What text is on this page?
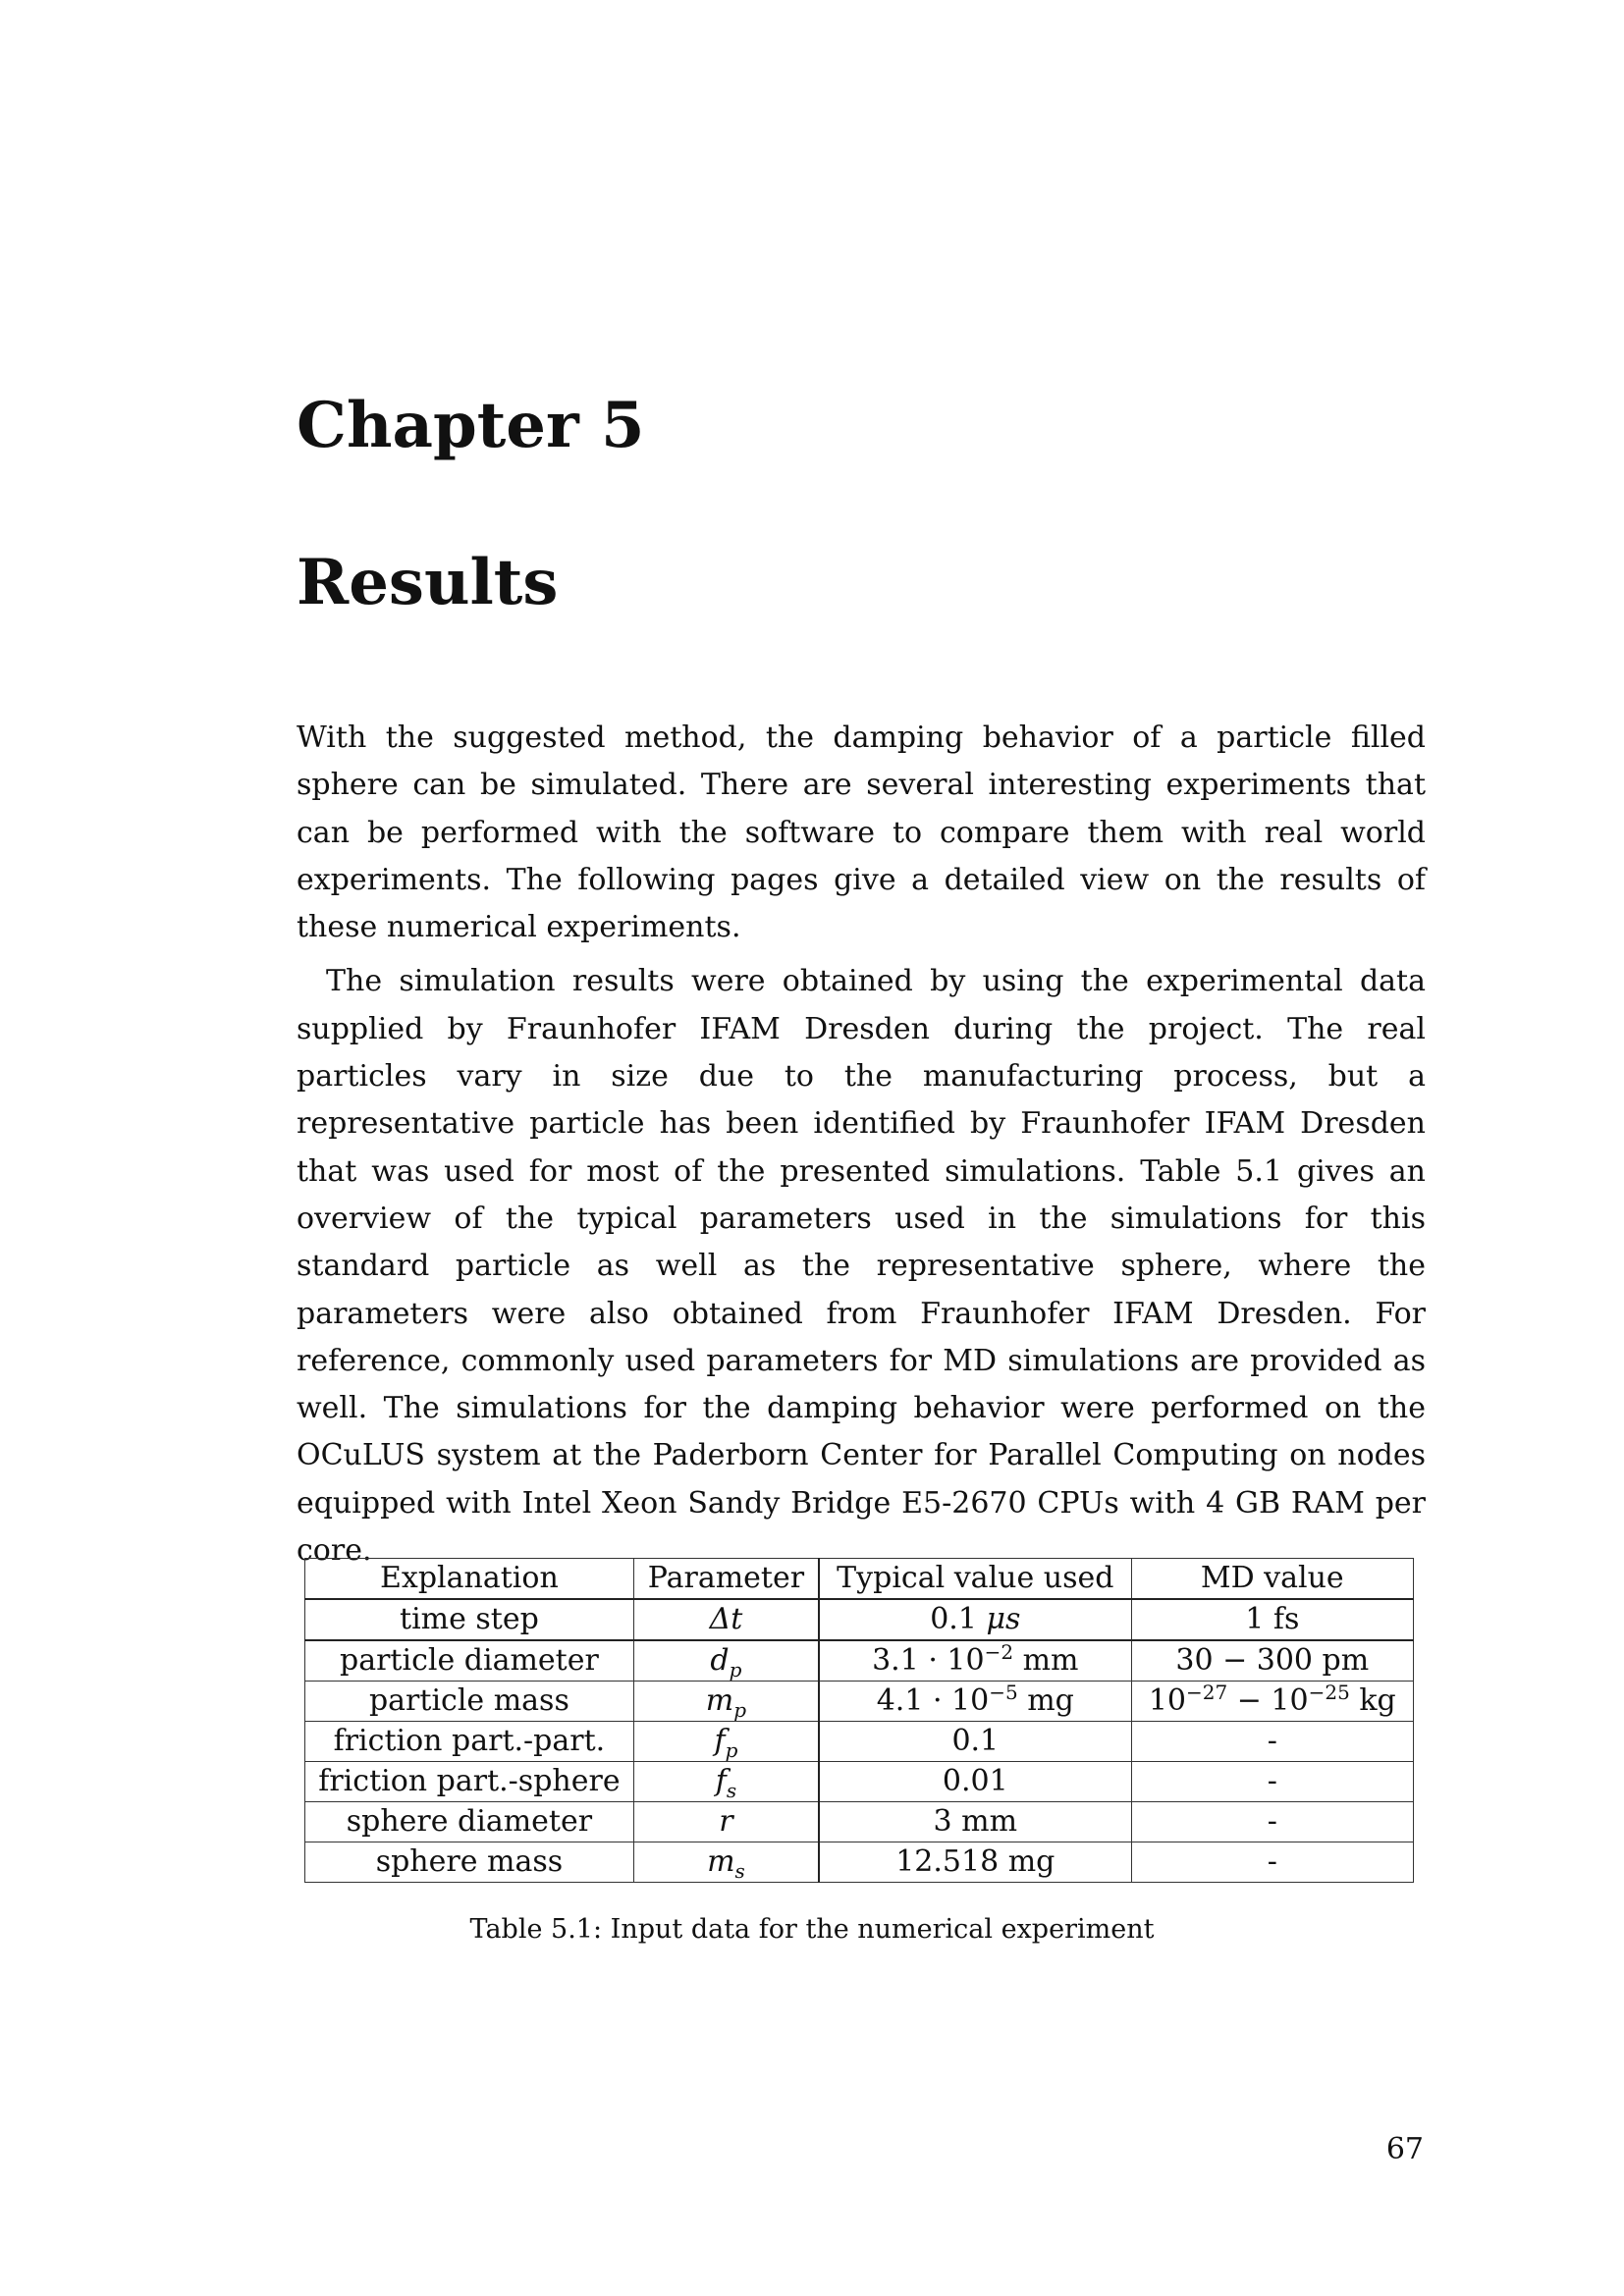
Chapter 5
Results

With the suggested method, the damping behavior of a particle filled sphere can be simulated. There are several interesting experiments that can be performed with the software to compare them with real world experiments. The following pages give a detailed view on the results of these numerical experiments.

The simulation results were obtained by using the experimental data supplied by Fraunhofer IFAM Dresden during the project. The real particles vary in size due to the manufacturing process, but a representative particle has been identified by Fraunhofer IFAM Dresden that was used for most of the presented simulations. Table 5.1 gives an overview of the typical parameters used in the simulations for this standard particle as well as the representative sphere, where the parameters were also obtained from Fraunhofer IFAM Dresden. For reference, commonly used parameters for MD simulations are provided as well. The simulations for the damping behavior were performed on the OCuLUS system at the Paderborn Center for Parallel Computing on nodes equipped with Intel Xeon Sandy Bridge E5-2670 CPUs with 4 GB RAM per core.

Explanation	Parameter	Typical value used	MD value
time step	Δt	0.1 μs	1 fs
particle diameter	$d_p$	$3.1 \cdot 10^{-2}$ mm	30 − 300 pm
particle mass	$m_p$	$4.1 \cdot 10^{-5}$ mg	$10^{-27} - 10^{-25}$ kg
friction part.-part.	$f_p$	0.1	-
friction part.-sphere	$f_s$	0.01	-
sphere diameter	r	3 mm	-
sphere mass	$m_s$	12.518 mg	-
Table 5.1: Input data for the numerical experiment
67
